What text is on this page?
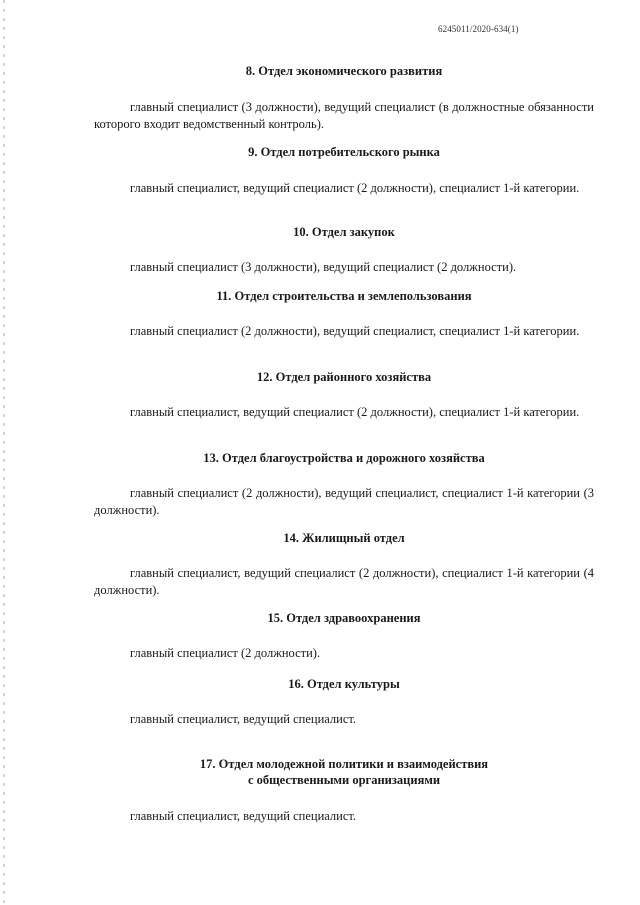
6245011/2020-634(1)

8. Отдел экономического развития

главный специалист (3 должности), ведущий специалист (в должностные обязанности которого входит ведомственный контроль).

9. Отдел потребительского рынка

главный специалист, ведущий специалист (2 должности), специалист 1-й категории.

10. Отдел закупок

главный специалист (3 должности), ведущий специалист (2 должности).

11. Отдел строительства и землепользования

главный специалист (2 должности), ведущий специалист, специалист 1-й категории.

12. Отдел районного хозяйства

главный специалист, ведущий специалист (2 должности), специалист 1-й категории.

13. Отдел благоустройства и дорожного хозяйства

главный специалист (2 должности), ведущий специалист, специалист 1-й категории (3 должности).

14. Жилищный отдел

главный специалист, ведущий специалист (2 должности), специалист 1-й категории (4 должности).

15. Отдел здравоохранения

главный специалист (2 должности).

16. Отдел культуры

главный специалист, ведущий специалист.

17. Отдел молодежной политики и взаимодействия

с общественными организациями

главный специалист, ведущий специалист.
